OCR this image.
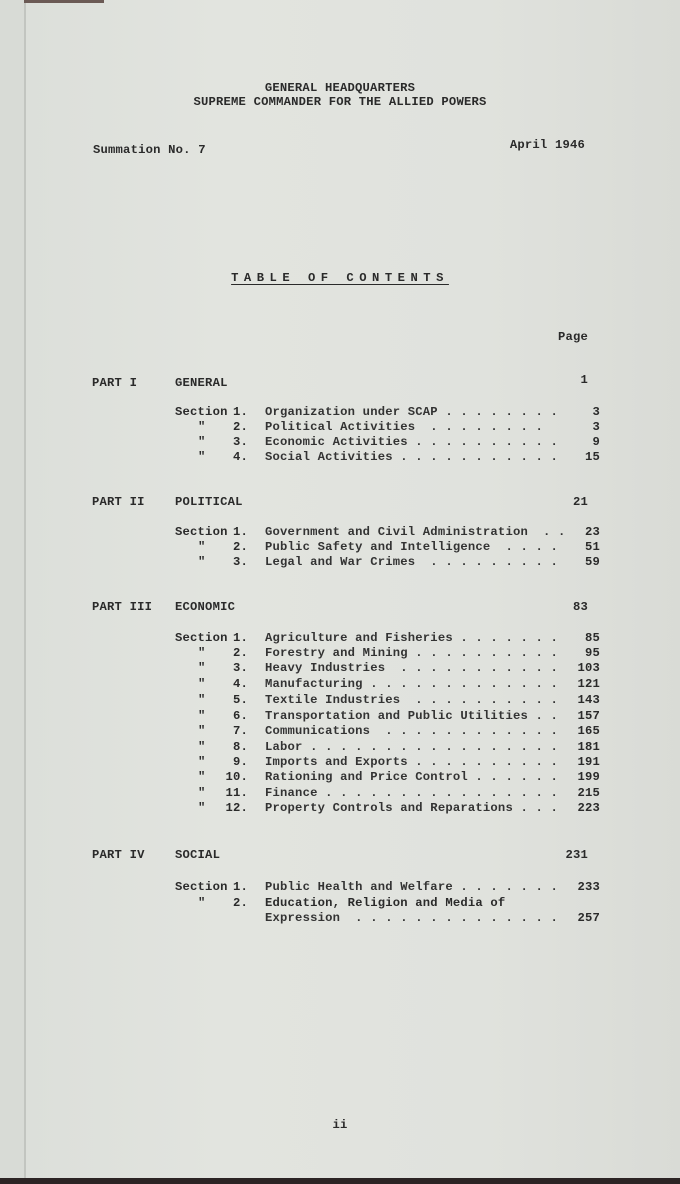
GENERAL HEADQUARTERS
SUPREME COMMANDER FOR THE ALLIED POWERS
Summation No. 7	April 1946
TABLE OF CONTENTS
Page
PART I	GENERAL	1
Section 1. Organization under SCAP . . . . . . . .	3
"	2. Political Activities  . . . . . . . .	3
"	3. Economic Activities . . . . . . . . . .	9
"	4. Social Activities . . . . . . . . . . . 15
PART II POLITICAL	21
Section 1. Government and Civil Administration  . . 23
"	2. Public Safety and Intelligence  . . . . 51
"	3. Legal and War Crimes  . . . . . . . . . 59
PART III ECONOMIC	83
Section 1. Agriculture and Fisheries . . . . . . . 85
"	2. Forestry and Mining . . . . . . . . . . 95
"	3. Heavy Industries  . . . . . . . . . . . 103
"	4. Manufacturing . . . . . . . . . . . . . 121
"	5. Textile Industries  . . . . . . . . . . 143
"	6. Transportation and Public Utilities . . 157
"	7. Communications  . . . . . . . . . . . . 165
"	8. Labor . . . . . . . . . . . . . . . . . 181
"	9. Imports and Exports . . . . . . . . . . 191
"	10. Rationing and Price Control . . . . . . 199
"	11. Finance . . . . . . . . . . . . . . . . 215
"	12. Property Controls and Reparations . . . 223
PART IV SOCIAL	231
Section 1. Public Health and Welfare . . . . . . . 233
"	2. Education, Religion and Media of
Expression  . . . . . . . . . . . . . . 257
ii
